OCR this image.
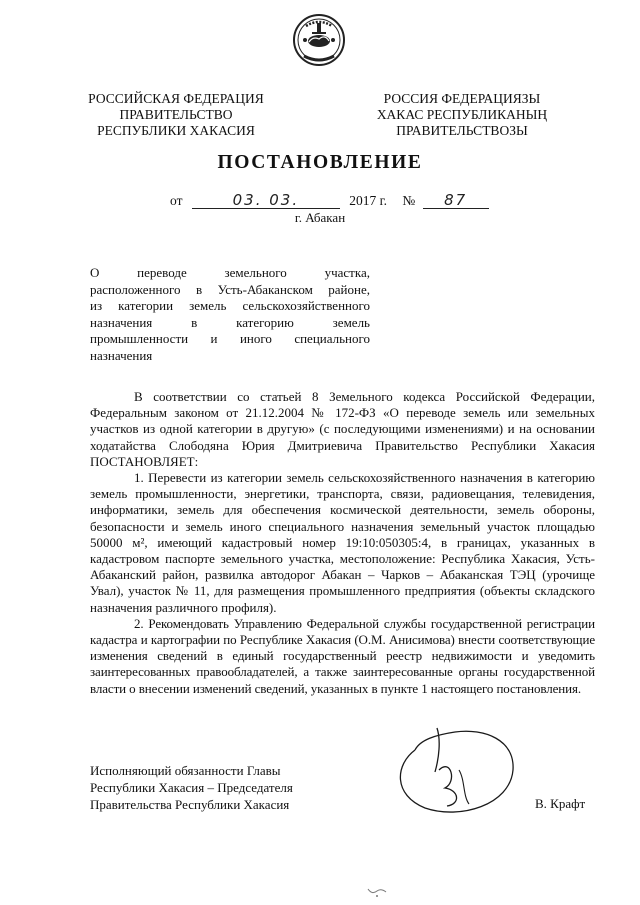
РОССИЙСКАЯ ФЕДЕРАЦИЯ
ПРАВИТЕЛЬСТВО
РЕСПУБЛИКИ ХАКАСИЯ
РОССИЯ ФЕДЕРАЦИЯЗЫ
ХАКАС РЕСПУБЛИКАНЫҢ
ПРАВИТЕЛЬСТВОЗЫ
ПОСТАНОВЛЕНИЕ
от	03. 03.	2017 г. № 87
г. Абакан
О переводе земельного участка,
расположенного в Усть-Абаканском районе,
из категории земель сельскохозяйственного
назначения в категорию земель
промышленности и иного специального
назначения

В соответствии со статьей 8 Земельного кодекса Российской Федерации, Федеральным законом от 21.12.2004 № 172-ФЗ «О переводе земель или земельных участков из одной категории в другую» (с последующими изменениями) и на основании ходатайства Слободяна Юрия Дмитриевича Правительство Республики Хакасия ПОСТАНОВЛЯЕТ:

1. Перевести из категории земель сельскохозяйственного назначения в категорию земель промышленности, энергетики, транспорта, связи, радиовещания, телевидения, информатики, земель для обеспечения космической деятельности, земель обороны, безопасности и земель иного специального назначения земельный участок площадью 50000 м², имеющий кадастровый номер 19:10:050305:4, в границах, указанных в кадастровом паспорте земельного участка, местоположение: Республика Хакасия, Усть-Абаканский район, развилка автодорог Абакан – Чарков – Абаканская ТЭЦ (урочище Увал), участок № 11, для размещения промышленного предприятия (объекты складского назначения различного профиля).

2. Рекомендовать Управлению Федеральной службы государственной регистрации кадастра и картографии по Республике Хакасия (О.М. Анисимова) внести соответствующие изменения сведений в единый государственный реестр недвижимости и уведомить заинтересованных правообладателей, а также заинтересованные органы государственной власти о внесении изменений сведений, указанных в пункте 1 настоящего постановления.

Исполняющий обязанности Главы
Республики Хакасия – Председателя
Правительства Республики Хакасия	В. Крафт
